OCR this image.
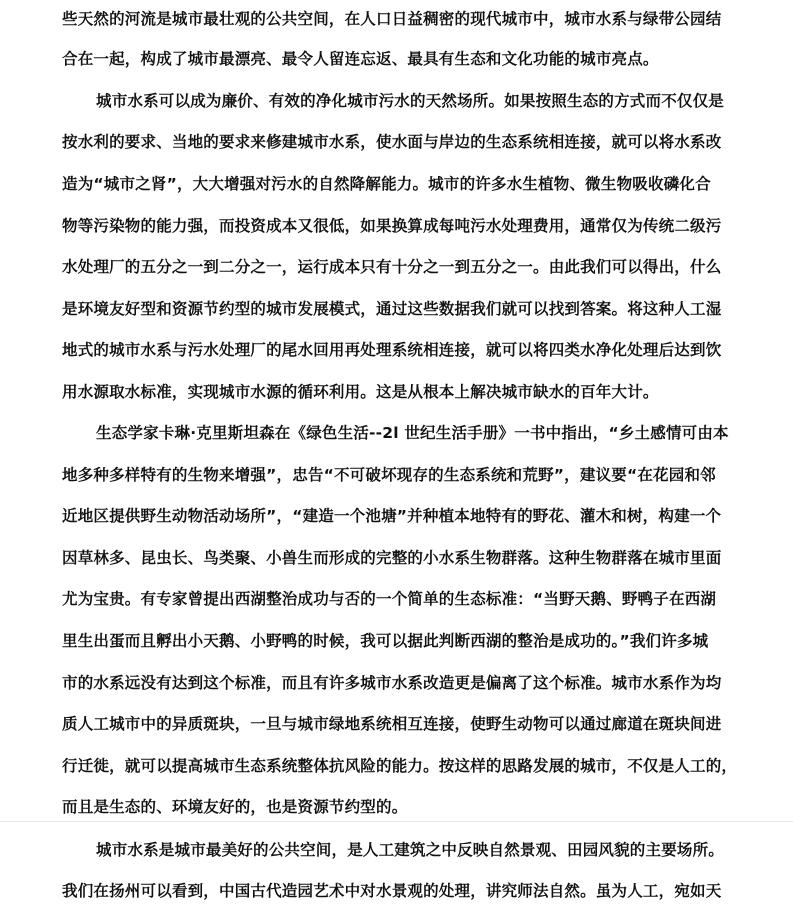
些天然的河流是城市最壮观的公共空间，在人口日益稠密的现代城市中，城市水系与绿带公园结
合在一起，构成了城市最漂亮、最令人留连忘返、最具有生态和文化功能的城市亮点。
城市水系可以成为廉价、有效的净化城市污水的天然场所。如果按照生态的方式而不仅仅是
按水利的要求、当地的要求来修建城市水系，使水面与岸边的生态系统相连接，就可以将水系改
造为“城市之肾”，大大增强对污水的自然降解能力。城市的许多水生植物、微生物吸收磷化合
物等污染物的能力强，而投资成本又很低，如果换算成每吨污水处理费用，通常仅为传统二级污
水处理厂的五分之一到二分之一，运行成本只有十分之一到五分之一。由此我们可以得出，什么
是环境友好型和资源节约型的城市发展模式，通过这些数据我们就可以找到答案。将这种人工湿
地式的城市水系与污水处理厂的尾水回用再处理系统相连接，就可以将四类水净化处理后达到饮
用水源取水标准，实现城市水源的循环利用。这是从根本上解决城市缺水的百年大计。
生态学家卡琳·克里斯坦森在《绿色生活--2l 世纪生活手册》一书中指出，“乡土感情可由本
地多种多样特有的生物来增强”，忠告“不可破坏现存的生态系统和荒野”，建议要“在花园和邻
近地区提供野生动物活动场所”，“建造一个池塘”并种植本地特有的野花、灌木和树，构建一个
因草林多、昆虫长、鸟类聚、小兽生而形成的完整的小水系生物群落。这种生物群落在城市里面
尤为宝贵。有专家曾提出西湖整治成功与否的一个简单的生态标准：“当野天鹅、野鸭子在西湖
里生出蛋而且孵出小天鹅、小野鸭的时候，我可以据此判断西湖的整治是成功的。”我们许多城
市的水系远没有达到这个标准，而且有许多城市水系改造更是偏离了这个标准。城市水系作为均
质人工城市中的异质斑块，一旦与城市绿地系统相互连接，使野生动物可以通过廊道在斑块间进
行迁徙，就可以提高城市生态系统整体抗风险的能力。按这样的思路发展的城市，不仅是人工的，
而且是生态的、环境友好的，也是资源节约型的。
城市水系是城市最美好的公共空间，是人工建筑之中反映自然景观、田园风貌的主要场所。
我们在扬州可以看到，中国古代造园艺术中对水景观的处理，讲究师法自然。虽为人工，宛如天
